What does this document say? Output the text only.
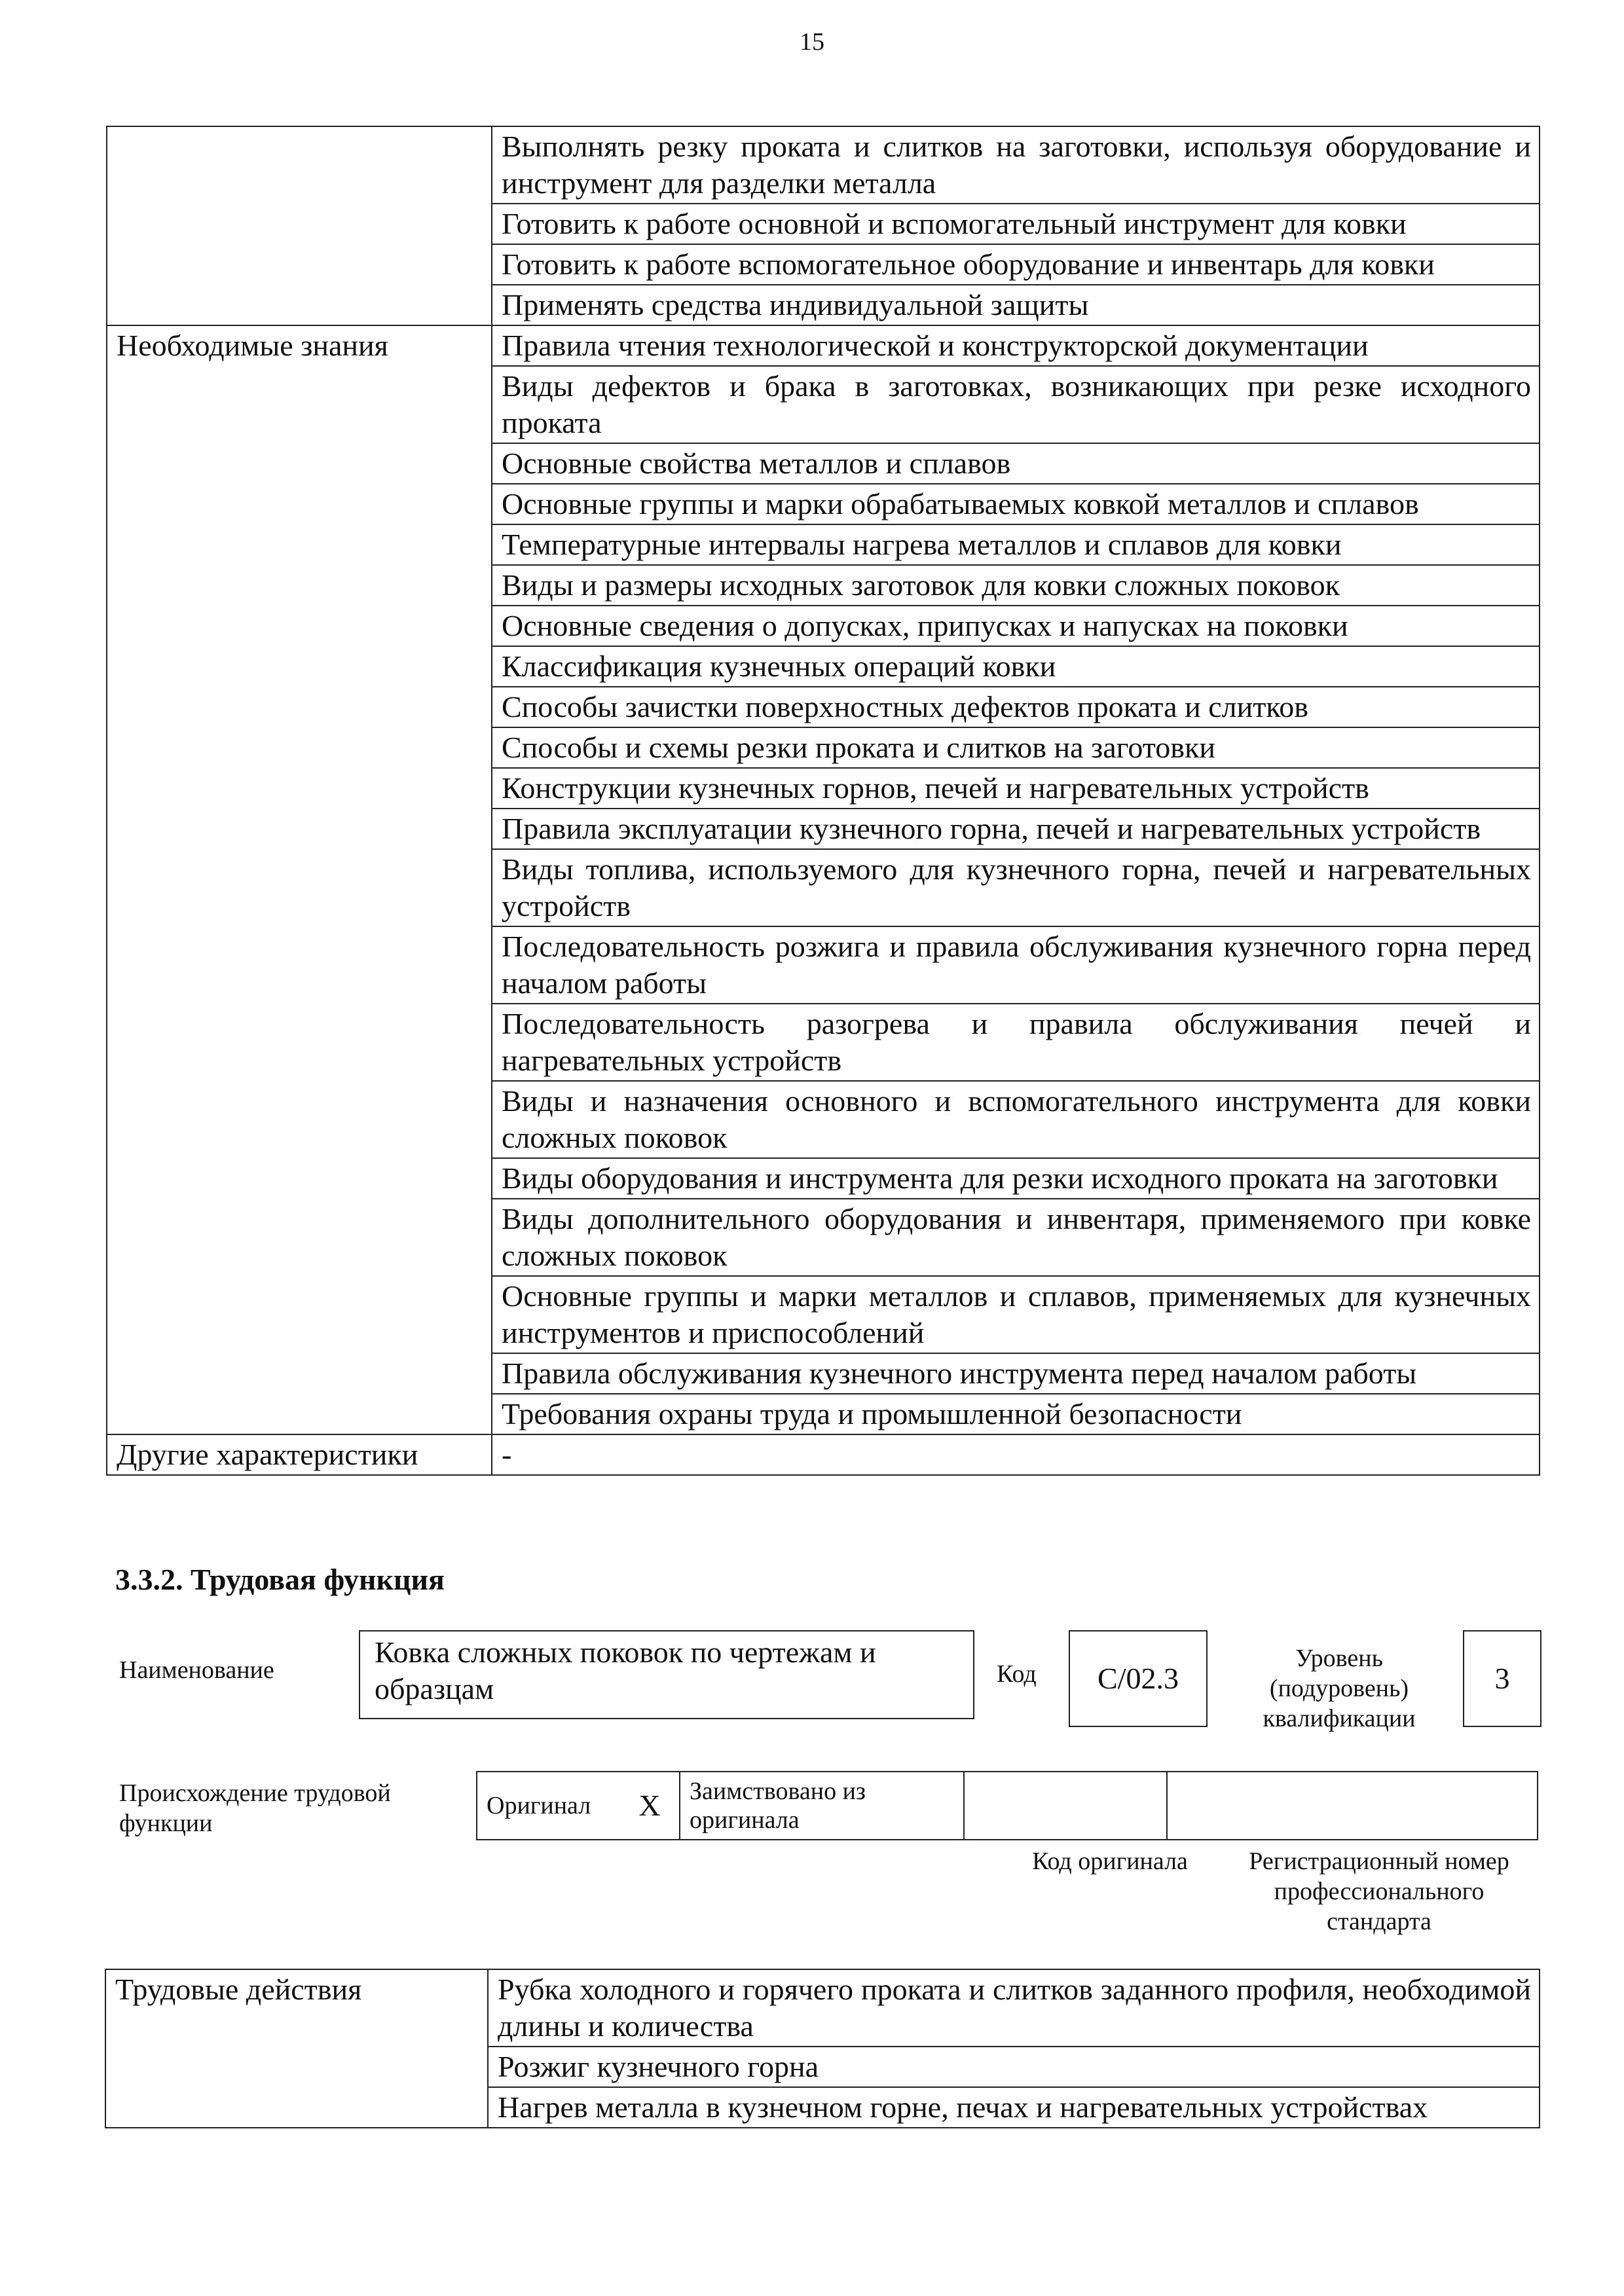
15
	Выполнять резку проката и слитков на заготовки, используя оборудование и инструмент для разделки металла
	Готовить к работе основной и вспомогательный инструмент для ковки
	Готовить к работе вспомогательное оборудование и инвентарь для ковки
	Применять средства индивидуальной защиты
Необходимые знания	Правила чтения технологической и конструкторской документации
	Виды дефектов и брака в заготовках, возникающих при резке исходного проката
	Основные свойства металлов и сплавов
	Основные группы и марки обрабатываемых ковкой металлов и сплавов
	Температурные интервалы нагрева металлов и сплавов для ковки
	Виды и размеры исходных заготовок для ковки сложных поковок
	Основные сведения о допусках, припусках и напусках на поковки
	Классификация кузнечных операций ковки
	Способы зачистки поверхностных дефектов проката и слитков
	Способы и схемы резки проката и слитков на заготовки
	Конструкции кузнечных горнов, печей и нагревательных устройств
	Правила эксплуатации кузнечного горна, печей и нагревательных устройств
	Виды топлива, используемого для кузнечного горна, печей и нагревательных устройств
	Последовательность розжига и правила обслуживания кузнечного горна перед началом работы
	Последовательность разогрева и правила обслуживания печей и нагревательных устройств
	Виды и назначения основного и вспомогательного инструмента для ковки сложных поковок
	Виды оборудования и инструмента для резки исходного проката на заготовки
	Виды дополнительного оборудования и инвентаря, применяемого при ковке сложных поковок
	Основные группы и марки металлов и сплавов, применяемых для кузнечных инструментов и приспособлений
	Правила обслуживания кузнечного инструмента перед началом работы
	Требования охраны труда и промышленной безопасности
Другие характеристики	-
3.3.2. Трудовая функция
Наименование
Ковка сложных поковок по чертежам и образцам	Код	C/02.3
Уровень (подуровень) квалификации
3
Происхождение трудовой функции
Оригинал	X	Заимствовано из оригинала		
Код оригинала	Регистрационный номер профессионального стандарта
Трудовые действия	Рубка холодного и горячего проката и слитков заданного профиля, необходимой длины и количества
Розжиг кузнечного горна
Нагрев металла в кузнечном горне, печах и нагревательных устройствах
